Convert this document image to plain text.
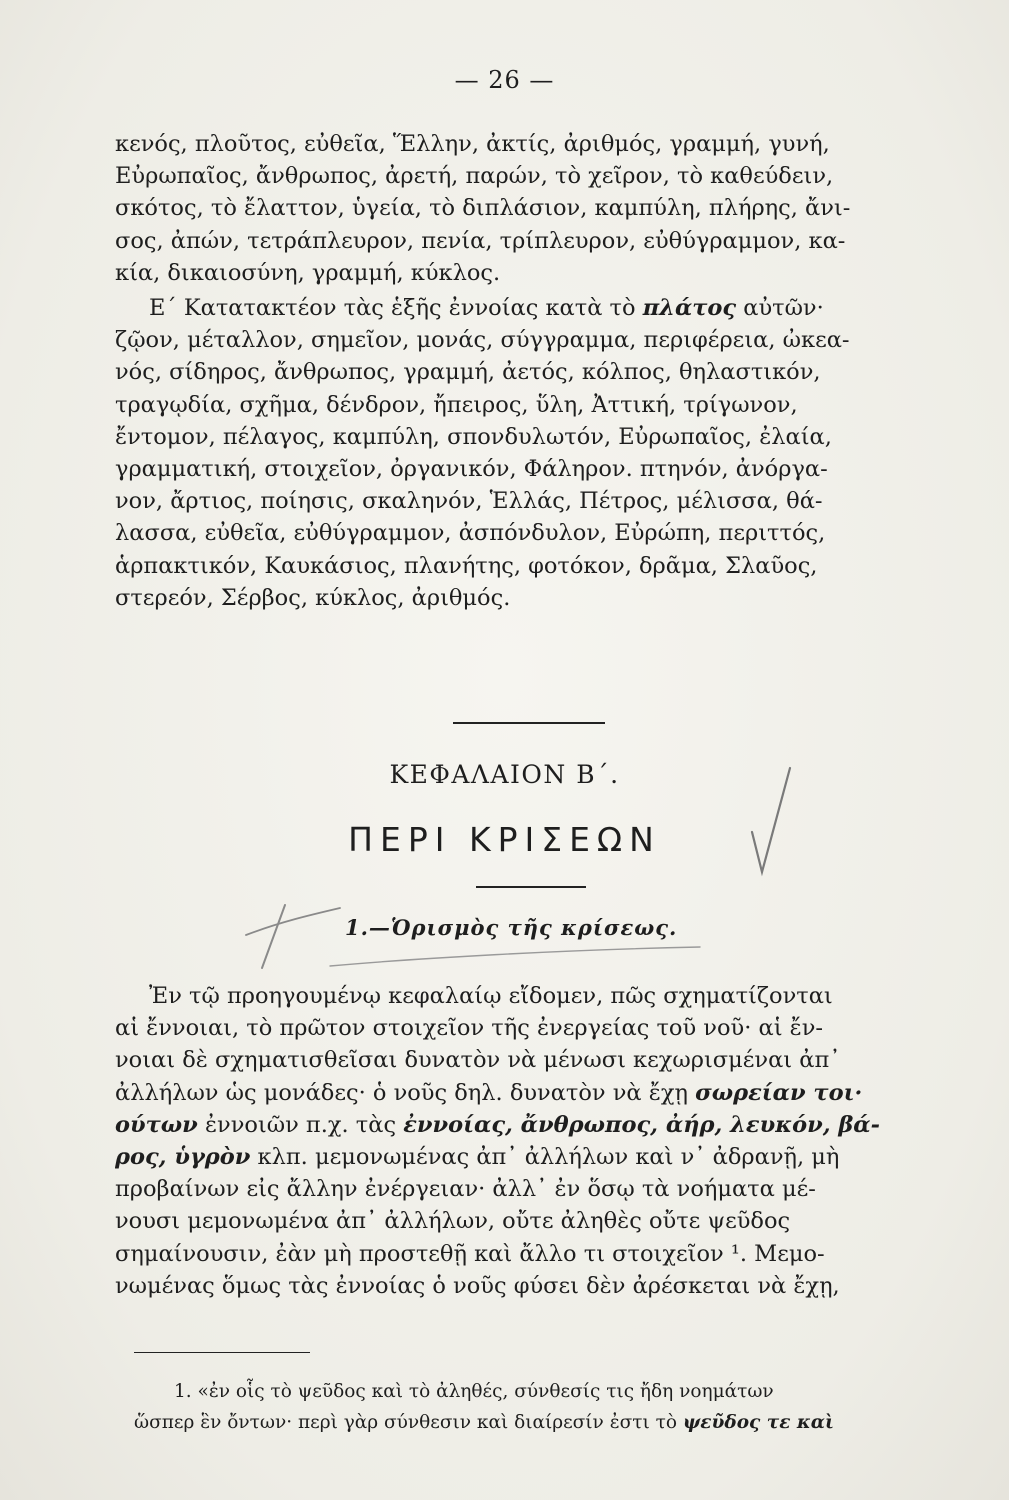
— 26 —
κενός, πλοῦτος, εὐθεῖα, Ἕλλην, ἀκτίς, ἀριθμός, γραμμή, γυνή,
Εὐρωπαῖος, ἄνθρωπος, ἀρετή, παρών, τὸ χεῖρον, τὸ καθεύδειν,
σκότος, τὸ ἔλαττον, ὑγεία, τὸ διπλάσιον, καμπύλη, πλήρης, ἄνι-
σος, ἀπών, τετράπλευρον, πενία, τρίπλευρον, εὐθύγραμμον, κα-
κία, δικαιοσύνη, γραμμή, κύκλος.
Ε΄ Κατατακτέον τὰς ἑξῆς ἐννοίας κατὰ τὸ πλάτος αὐτῶν·
ζῷον, μέταλλον, σημεῖον, μονάς, σύγγραμμα, περιφέρεια, ὠκεα-
νός, σίδηρος, ἄνθρωπος, γραμμή, ἀετός, κόλπος, θηλαστικόν,
τραγῳδία, σχῆμα, δένδρον, ἤπειρος, ὕλη, Ἀττική, τρίγωνον,
ἔντομον, πέλαγος, καμπύλη, σπονδυλωτόν, Εὐρωπαῖος, ἐλαία,
γραμματική, στοιχεῖον, ὀργανικόν, Φάληρον. πτηνόν, ἀνόργα-
νον, ἄρτιος, ποίησις, σκαληνόν, Ἑλλάς, Πέτρος, μέλισσα, θά-
λασσα, εὐθεῖα, εὐθύγραμμον, ἀσπόνδυλον, Εὐρώπη, περιττός,
ἁρπακτικόν, Καυκάσιος, πλανήτης, φοτόκον, δρᾶμα, Σλαῦος,
στερεόν, Σέρβος, κύκλος, ἀριθμός.
ΚΕΦΑΛΑΙΟΝ Β΄.
ΠΕΡΙ ΚΡΙΣΕΩΝ
1.—Ὁρισμὸς τῆς κρίσεως.
Ἐν τῷ προηγουμένῳ κεφαλαίῳ εἴδομεν, πῶς σχηματίζονται
αἱ ἔννοιαι, τὸ πρῶτον στοιχεῖον τῆς ἐνεργείας τοῦ νοῦ· αἱ ἔν-
νοιαι δὲ σχηματισθεῖσαι δυνατὸν νὰ μένωσι κεχωρισμέναι ἀπ᾿
ἀλλήλων ὡς μονάδες· ὁ νοῦς δηλ. δυνατὸν νὰ ἔχῃ σωρείαν τοι·
ούτων ἐννοιῶν π.χ. τὰς ἐννοίας, ἄνθρωπος, ἀήρ, λευκόν, βά-
ρος, ὑγρὸν κλπ. μεμονωμένας ἀπ᾿ ἀλλήλων καὶ ν᾿ ἀδρανῇ, μὴ
προβαίνων εἰς ἄλλην ἐνέργειαν· ἀλλ᾿ ἐν ὅσῳ τὰ νοήματα μέ-
νουσι μεμονωμένα ἀπ᾿ ἀλλήλων, οὔτε ἀληθὲς οὔτε ψεῦδος
σημαίνουσιν, ἐὰν μὴ προστεθῇ καὶ ἄλλο τι στοιχεῖον ¹. Μεμο-
νωμένας ὅμως τὰς ἐννοίας ὁ νοῦς φύσει δὲν ἀρέσκεται νὰ ἔχῃ,
1. «ἐν οἷς τὸ ψεῦδος καὶ τὸ ἀληθές, σύνθεσίς τις ἤδη νοημάτων
ὥσπερ ἓν ὄντων· περὶ γὰρ σύνθεσιν καὶ διαίρεσίν ἐστι τὸ ψεῦδος τε καὶ
